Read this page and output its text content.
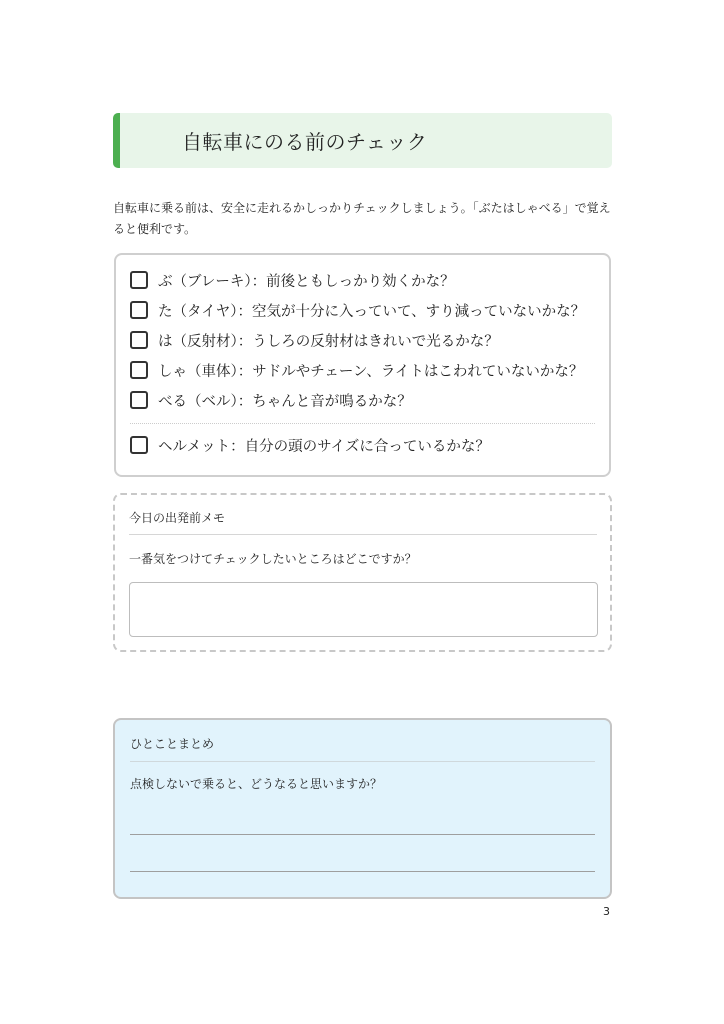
自転車にのる前のチェック
自転車に乗る前は、安全に走れるかしっかりチェックしましょう。「ぶたはしゃべる」で覚えると便利です。
ぶ（ブレーキ）：前後ともしっかり効くかな？
た（タイヤ）：空気が十分に入っていて、すり減っていないかな？
は（反射材）：うしろの反射材はきれいで光るかな？
しゃ（車体）：サドルやチェーン、ライトはこわれていないかな？
べる（ベル）：ちゃんと音が鳴るかな？
ヘルメット：自分の頭のサイズに合っているかな？
今日の出発前メモ
一番気をつけてチェックしたいところはどこですか？
ひとことまとめ
点検しないで乗ると、どうなると思いますか？
3
